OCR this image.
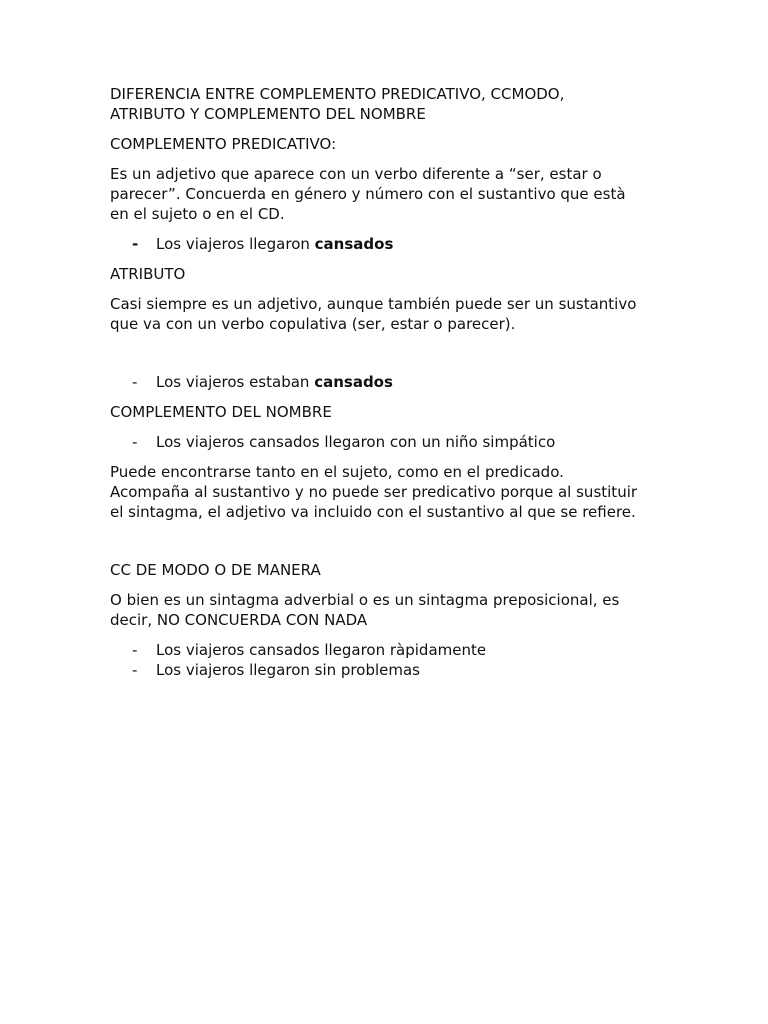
DIFERENCIA ENTRE COMPLEMENTO PREDICATIVO, CCMODO,
ATRIBUTO Y COMPLEMENTO DEL NOMBRE
COMPLEMENTO PREDICATIVO:
Es un adjetivo que aparece con un verbo diferente a “ser, estar o
parecer”. Concuerda en género y número con el sustantivo que està
en el sujeto o en el CD.
- Los viajeros llegaron cansados
ATRIBUTO
Casi siempre es un adjetivo, aunque también puede ser un sustantivo
que va con un verbo copulativa (ser, estar o parecer).
- Los viajeros estaban cansados
COMPLEMENTO DEL NOMBRE
- Los viajeros cansados llegaron con un niño simpático
Puede encontrarse tanto en el sujeto, como en el predicado.
Acompaña al sustantivo y no puede ser predicativo porque al sustituir
el sintagma, el adjetivo va incluido con el sustantivo al que se refiere.
CC DE MODO O DE MANERA
O bien es un sintagma adverbial o es un sintagma preposicional, es
decir, NO CONCUERDA CON NADA
- Los viajeros cansados llegaron ràpidamente
- Los viajeros llegaron sin problemas
